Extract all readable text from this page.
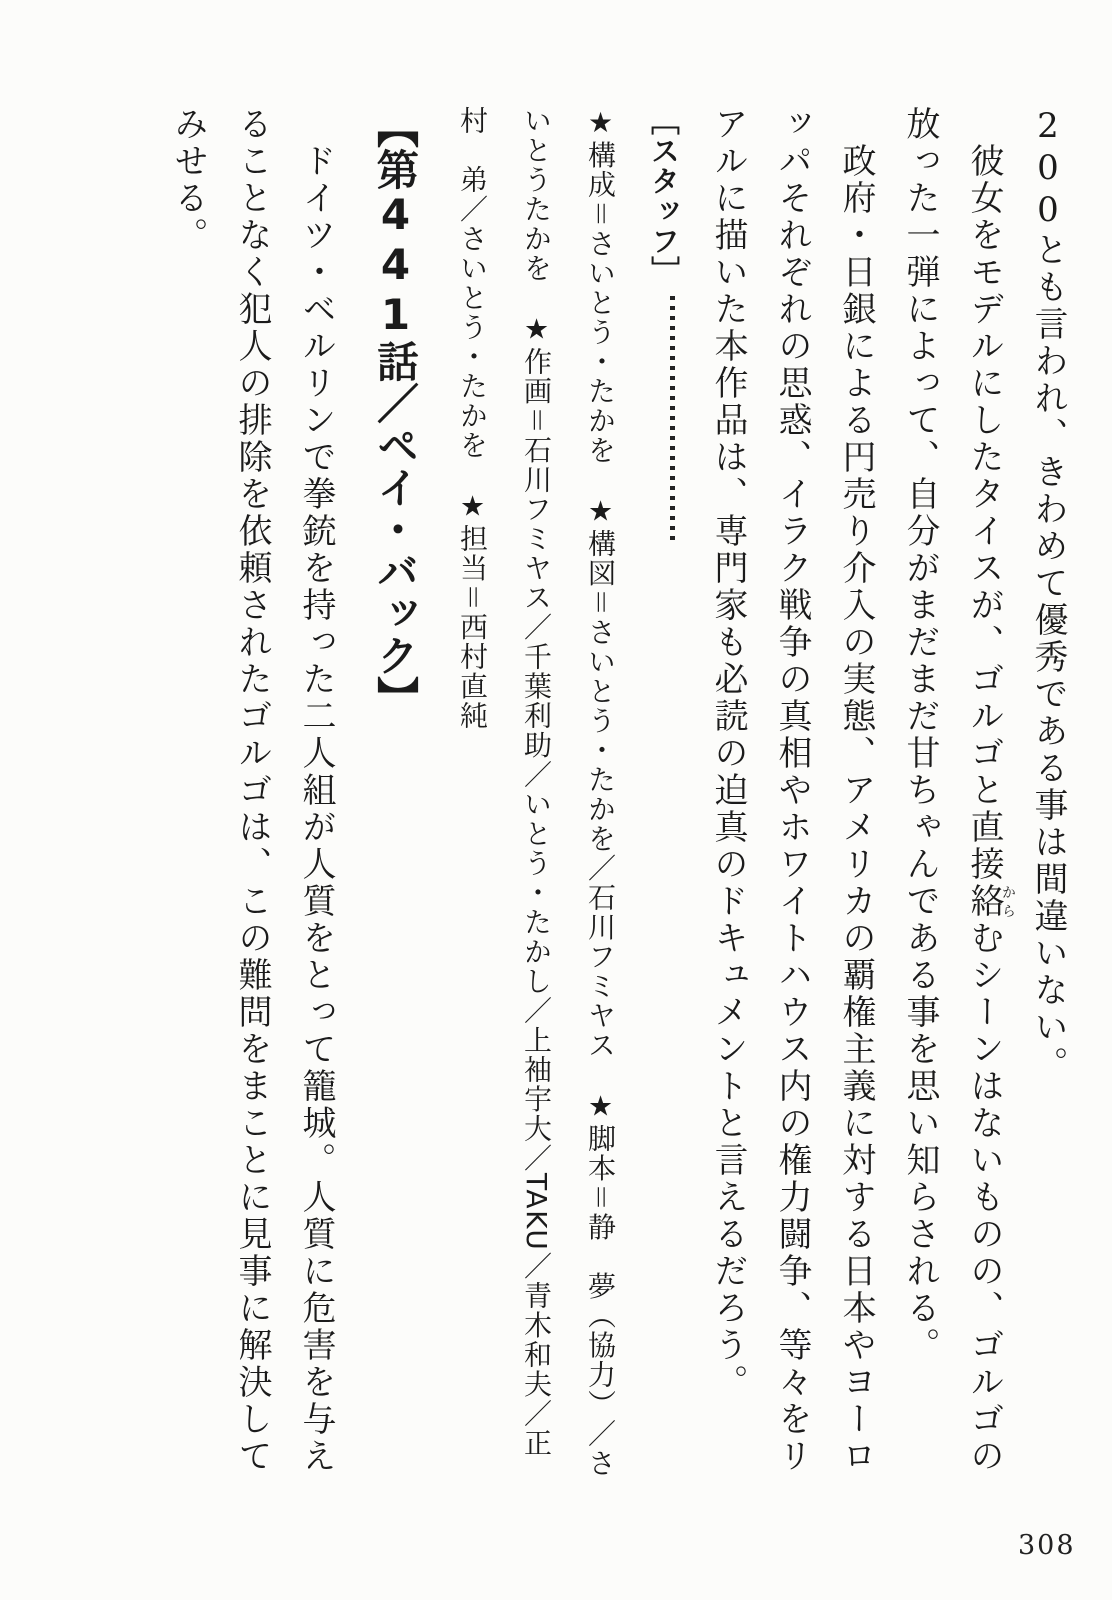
200とも言われ、きわめて優秀である事は間違いない。

彼女をモデルにしたタイスが、ゴルゴと直接絡からむシーンはないものの、ゴルゴの放った一弾によって、自分がまだまだ甘ちゃんである事を思い知らされる。

政府・日銀による円売り介入の実態、アメリカの覇権主義に対する日本やヨーロッパそれぞれの思惑、イラク戦争の真相やホワイトハウス内の権力闘争、等々をリアルに描いた本作品は、専門家も必読の迫真のドキュメントと言えるだろう。

［スタッフ］

★構成＝さいとう・たかを　★構図＝さいとう・たかを／石川フミヤス　★脚本＝静　夢（協力）／さいとうたかを　★作画＝石川フミヤス／千葉利助／いとう・たかし／上袖宇大／TAKU／青木和夫／正村　弟／さいとう・たかを　★担当＝西村直純

【第441話／ペイ・バック】

ドイツ・ベルリンで拳銃を持った二人組が人質をとって籠城。人質に危害を与えることなく犯人の排除を依頼されたゴルゴは、この難問をまことに見事に解決してみせる。

308
